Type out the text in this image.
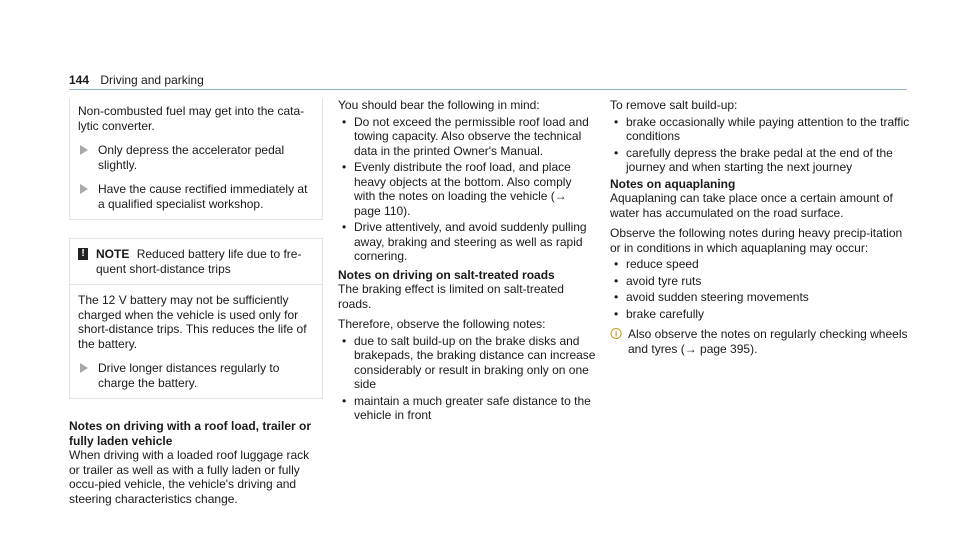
144 Driving and parking

Non-combusted fuel may get into the cata-lytic converter.

Only depress the accelerator pedal slightly.
Have the cause rectified immediately at a qualified specialist workshop.
! NOTE Reduced battery life due to fre-quent short-distance trips

The 12 V battery may not be sufficiently charged when the vehicle is used only for short-distance trips. This reduces the life of the battery.

Drive longer distances regularly to charge the battery.
Notes on driving with a roof load, trailer or fully laden vehicle

When driving with a loaded roof luggage rack or trailer as well as with a fully laden or fully occu-pied vehicle, the vehicle's driving and steering characteristics change.

You should bear the following in mind:

• Do not exceed the permissible roof load and towing capacity. Also observe the technical data in the printed Owner's Manual.
• Evenly distribute the roof load, and place heavy objects at the bottom. Also comply with the notes on loading the vehicle (→ page 110).
• Drive attentively, and avoid suddenly pulling away, braking and steering as well as rapid cornering.
Notes on driving on salt-treated roads

The braking effect is limited on salt-treated roads.

Therefore, observe the following notes:

• due to salt build-up on the brake disks and brakepads, the braking distance can increase considerably or result in braking only on one side
• maintain a much greater safe distance to the vehicle in front

To remove salt build-up:

• brake occasionally while paying attention to the traffic conditions
• carefully depress the brake pedal at the end of the journey and when starting the next journey
Notes on aquaplaning

Aquaplaning can take place once a certain amount of water has accumulated on the road surface.

Observe the following notes during heavy precip-itation or in conditions in which aquaplaning may occur:

• reduce speed
• avoid tyre ruts
• avoid sudden steering movements
• brake carefully
🛈 Also observe the notes on regularly checking wheels and tyres (→ page 395).
